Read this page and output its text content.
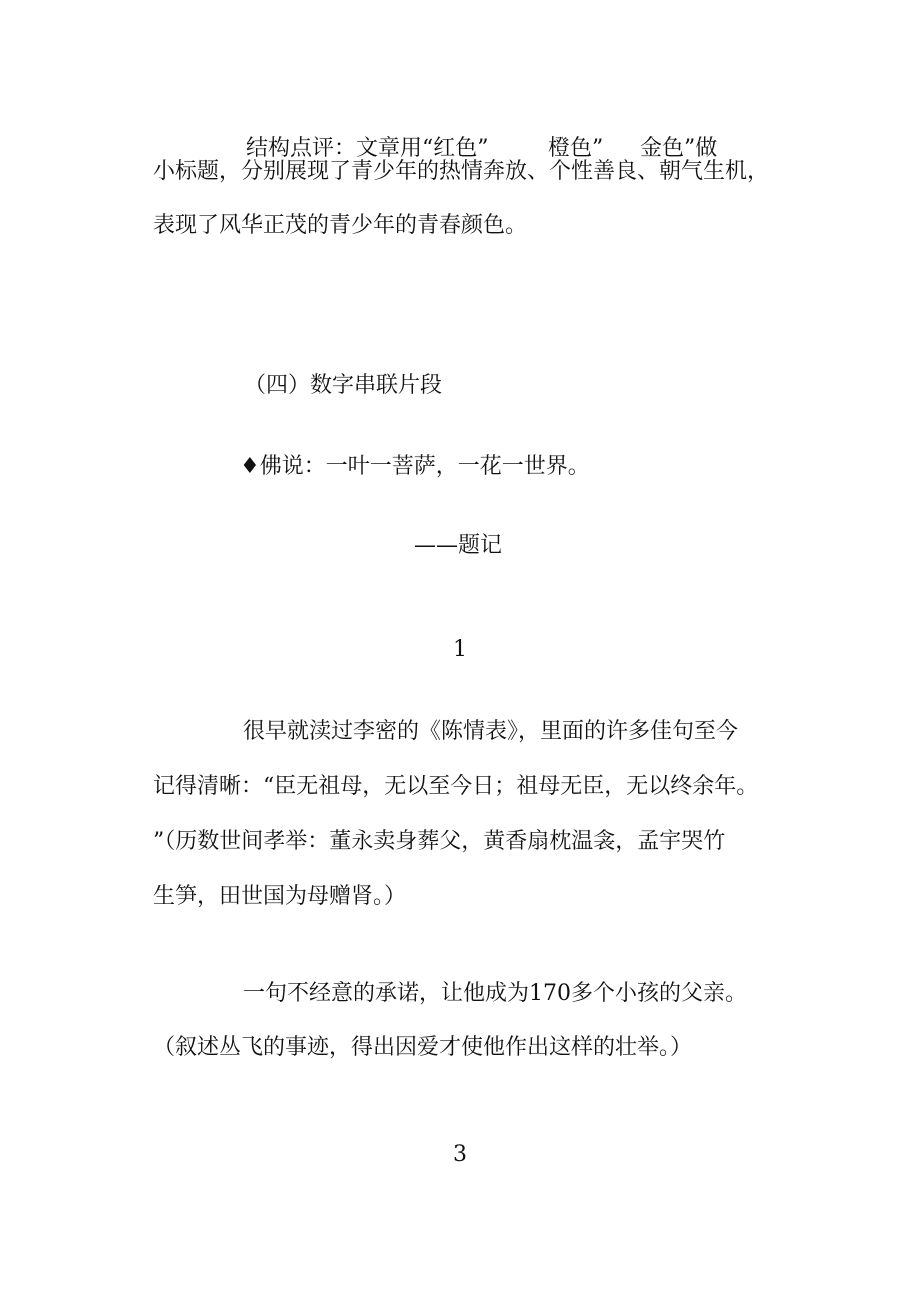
结构点评：文章用“红色”	橙色” 金色”做
小标题，分别展现了青少年的热情奔放、个性善良、朝气生机，
表现了风华正茂的青少年的青春颜色。
（四）数字串联片段
♦佛说：一叶一菩萨，一花一世界。
——题记
1
很早就渎过李密的《陈情表》，里面的许多佳句至今
记得清晰：“臣无祖母，无以至今日；祖母无臣，无以终余年。
”（历数世间孝举：董永卖身葬父，黄香扇枕温衾，孟宇哭竹
生笋，田世国为母赠肾。）
一句不经意的承诺，让他成为170多个小孩的父亲。
（叙述丛飞的事迹，得出因爱才使他作出这样的壮举。）
3
